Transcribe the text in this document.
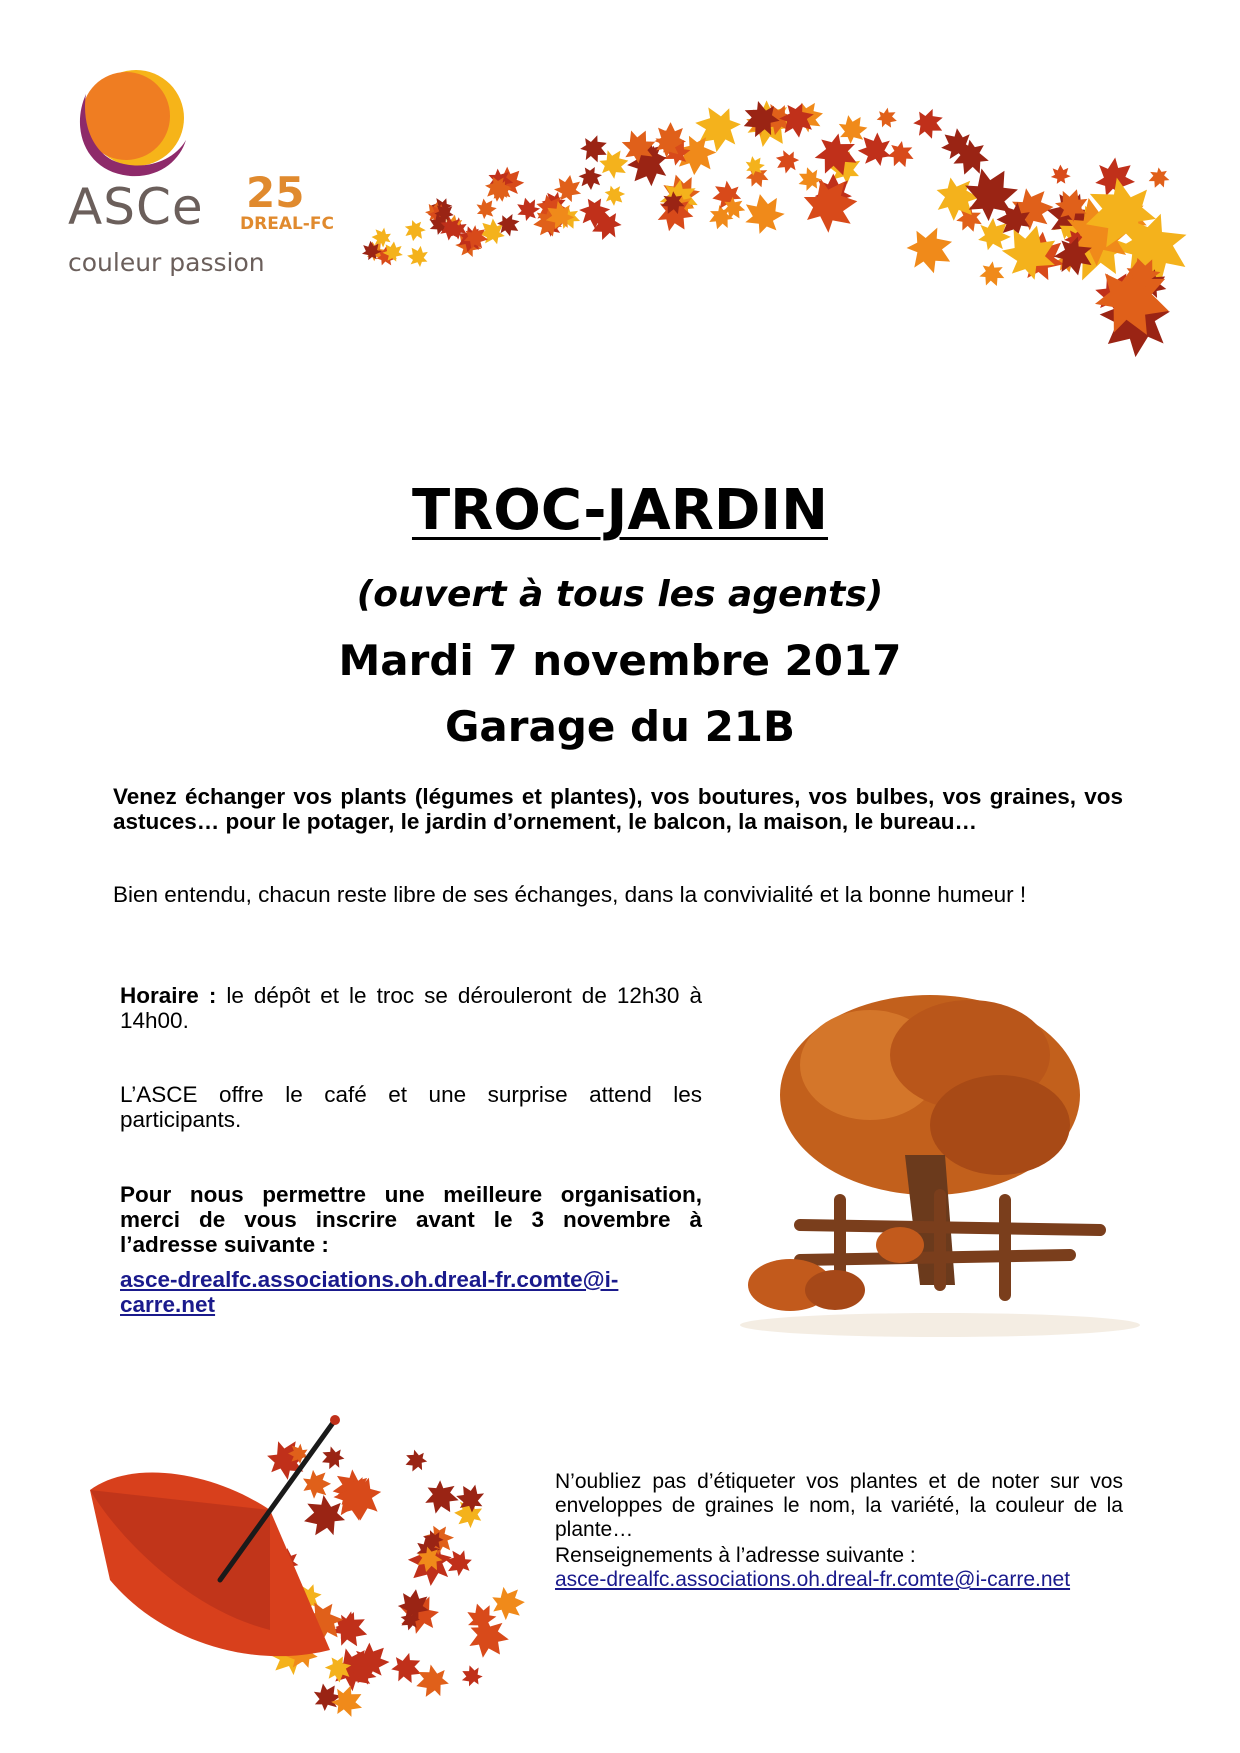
ASCe 25
DREAL-FC
couleur passion
TROC-JARDIN
(ouvert à tous les agents)
Mardi 7 novembre 2017
Garage du 21B
Venez échanger vos plants (légumes et plantes), vos boutures, vos bulbes, vos graines, vos astuces… pour le potager, le jardin d’ornement, le balcon, la maison, le bureau…
Bien entendu, chacun reste libre de ses échanges, dans la convivialité et la bonne humeur !
Horaire : le dépôt et le troc se dérouleront de 12h30 à 14h00.
L’ASCE offre le café et une surprise attend les participants.
Pour nous permettre une meilleure organisation, merci de vous inscrire avant le 3 novembre à l’adresse suivante :
asce-drealfc.associations.oh.dreal-fr.comte@i-
carre.net
N’oubliez pas d’étiqueter vos plantes et de noter sur vos enveloppes de graines le nom, la variété, la couleur de la plante…
Renseignements à l’adresse suivante :
asce-drealfc.associations.oh.dreal-fr.comte@i-carre.net
